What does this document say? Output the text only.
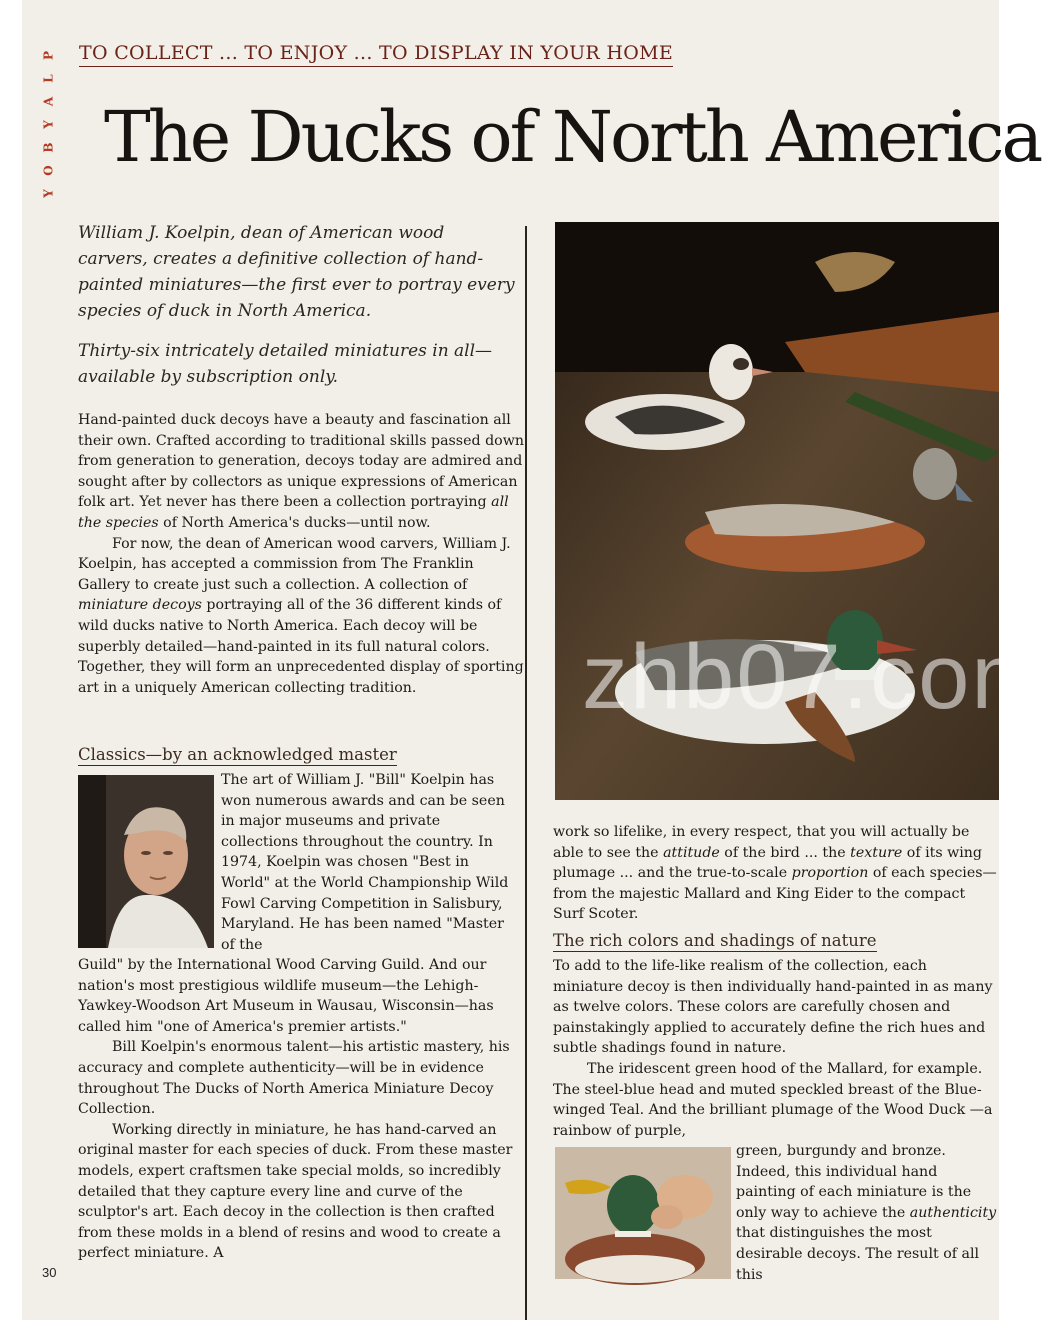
P
L
A
Y
B
O
Y
TO COLLECT ... TO ENJOY ... TO DISPLAY IN YOUR HOME
The Ducks of North America

William J. Koelpin, dean of American wood carvers, creates a definitive collection of hand-painted miniatures—the first ever to portray every species of duck in North America.

Thirty-six intricately detailed miniatures in all—available by subscription only.

Hand-painted duck decoys have a beauty and fascination all their own. Crafted according to traditional skills passed down from generation to generation, decoys today are admired and sought after by collectors as unique expressions of American folk art. Yet never has there been a collection portraying all the species of North America's ducks—until now.

For now, the dean of American wood carvers, William J. Koelpin, has accepted a commission from The Franklin Gallery to create just such a collection. A collection of miniature decoys portraying all of the 36 different kinds of wild ducks native to North America. Each decoy will be superbly detailed—hand-painted in its full natural colors. Together, they will form an unprecedented display of sporting art in a uniquely American collecting tradition.

Classics—by an acknowledged master

The art of William J. "Bill" Koelpin has won numerous awards and can be seen in major museums and private collections throughout the country. In 1974, Koelpin was chosen "Best in World" at the World Championship Wild Fowl Carving Competition in Salisbury, Maryland. He has been named "Master of the

Guild" by the International Wood Carving Guild. And our nation's most prestigious wildlife museum—the Lehigh-Yawkey-Woodson Art Museum in Wausau, Wisconsin—has called him "one of America's premier artists."

Bill Koelpin's enormous talent—his artistic mastery, his accuracy and complete authenticity—will be in evidence throughout The Ducks of North America Miniature Decoy Collection.

Working directly in miniature, he has hand-carved an original master for each species of duck. From these master models, expert craftsmen take special molds, so incredibly detailed that they capture every line and curve of the sculptor's art. Each decoy in the collection is then crafted from these molds in a blend of resins and wood to create a perfect miniature. A

work so lifelike, in every respect, that you will actually be able to see the attitude of the bird ... the texture of its wing plumage ... and the true-to-scale proportion of each species—from the majestic Mallard and King Eider to the compact Surf Scoter.

The rich colors and shadings of nature

To add to the life-like realism of the collection, each miniature decoy is then individually hand-painted in as many as twelve colors. These colors are carefully chosen and painstakingly applied to accurately define the rich hues and subtle shadings found in nature.

The iridescent green hood of the Mallard, for example. The steel-blue head and muted speckled breast of the Blue-winged Teal. And the brilliant plumage of the Wood Duck —a rainbow of purple,

green, burgundy and bronze. Indeed, this individual hand painting of each miniature is the only way to achieve the authenticity that distinguishes the most desirable decoys. The result of all this

30
zhb07.com
